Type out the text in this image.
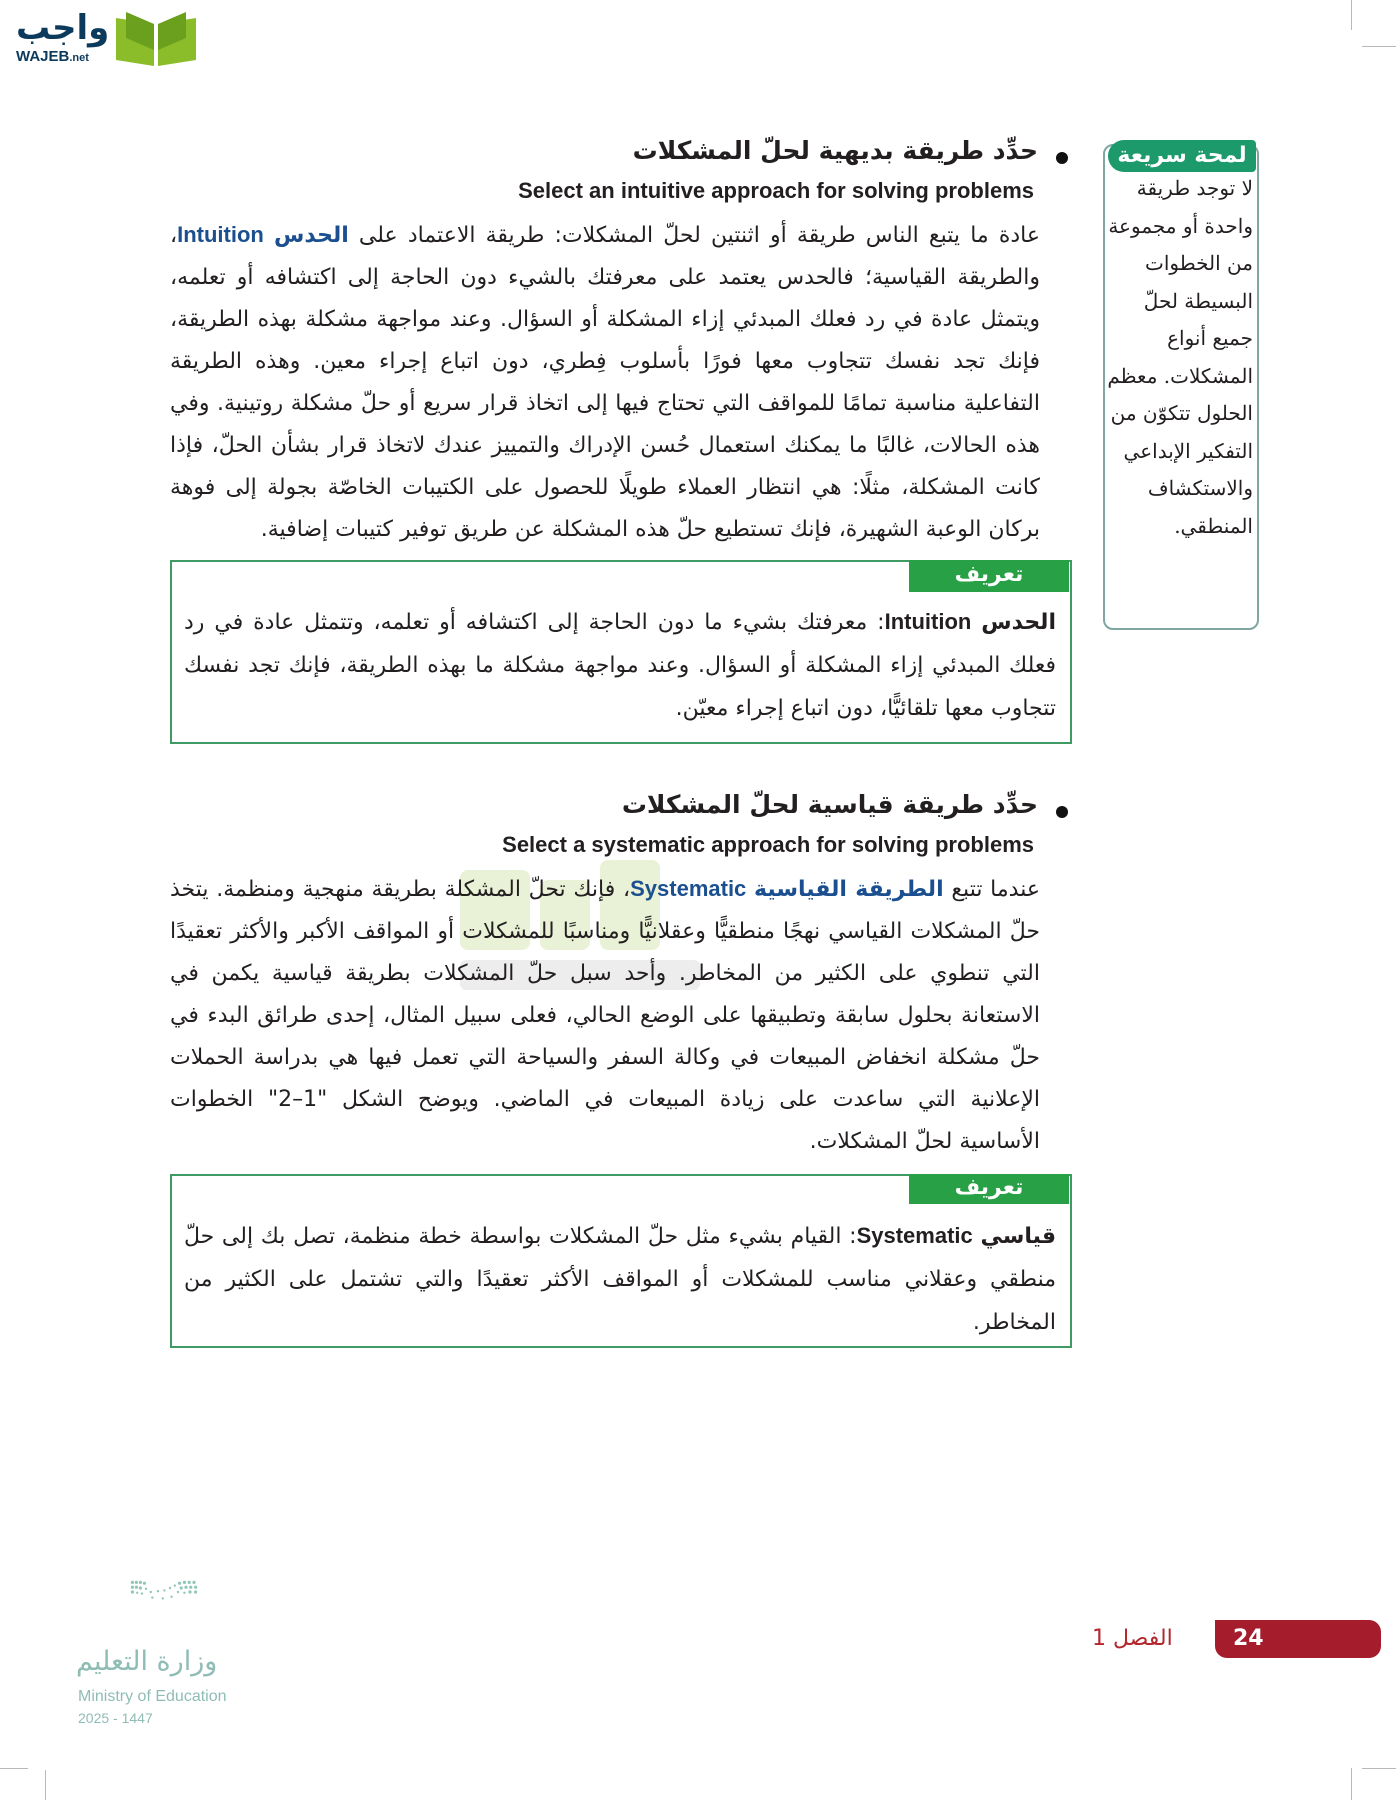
واجب
WAJEB.net
لمحة سريعة
لا توجد طريقة واحدة أو مجموعة من الخطوات البسيطة لحلّ جميع أنواع المشكلات. معظم الحلول تتكوّن من التفكير الإبداعي والاستكشاف المنطقي.
حدِّد طريقة بديهية لحلّ المشكلات
Select an intuitive approach for solving problems
عادة ما يتبع الناس طريقة أو اثنتين لحلّ المشكلات: طريقة الاعتماد على الحدس Intuition، والطريقة القياسية؛ فالحدس يعتمد على معرفتك بالشيء دون الحاجة إلى اكتشافه أو تعلمه، ويتمثل عادة في رد فعلك المبدئي إزاء المشكلة أو السؤال. وعند مواجهة مشكلة بهذه الطريقة، فإنك تجد نفسك تتجاوب معها فورًا بأسلوب فِطري، دون اتباع إجراء معين. وهذه الطريقة التفاعلية مناسبة تمامًا للمواقف التي تحتاج فيها إلى اتخاذ قرار سريع أو حلّ مشكلة روتينية. وفي هذه الحالات، غالبًا ما يمكنك استعمال حُسن الإدراك والتمييز عندك لاتخاذ قرار بشأن الحلّ، فإذا كانت المشكلة، مثلًا: هي انتظار العملاء طويلًا للحصول على الكتيبات الخاصّة بجولة إلى فوهة بركان الوعبة الشهيرة، فإنك تستطيع حلّ هذه المشكلة عن طريق توفير كتيبات إضافية.
تعريف
الحدس Intuition: معرفتك بشيء ما دون الحاجة إلى اكتشافه أو تعلمه، وتتمثل عادة في رد فعلك المبدئي إزاء المشكلة أو السؤال. وعند مواجهة مشكلة ما بهذه الطريقة، فإنك تجد نفسك تتجاوب معها تلقائيًّا، دون اتباع إجراء معيّن.
حدِّد طريقة قياسية لحلّ المشكلات
Select a systematic approach for solving problems
عندما تتبع الطريقة القياسية Systematic، فإنك تحلّ المشكلة بطريقة منهجية ومنظمة. يتخذ حلّ المشكلات القياسي نهجًا منطقيًّا وعقلانيًّا ومناسبًا للمشكلات أو المواقف الأكبر والأكثر تعقيدًا التي تنطوي على الكثير من المخاطر. وأحد سبل حلّ المشكلات بطريقة قياسية يكمن في الاستعانة بحلول سابقة وتطبيقها على الوضع الحالي، فعلى سبيل المثال، إحدى طرائق البدء في حلّ مشكلة انخفاض المبيعات في وكالة السفر والسياحة التي تعمل فيها هي بدراسة الحملات الإعلانية التي ساعدت على زيادة المبيعات في الماضي. ويوضح الشكل "1–2" الخطوات الأساسية لحلّ المشكلات.
تعريف
قياسي Systematic: القيام بشيء مثل حلّ المشكلات بواسطة خطة منظمة، تصل بك إلى حلّ منطقي وعقلاني مناسب للمشكلات أو المواقف الأكثر تعقيدًا والتي تشتمل على الكثير من المخاطر.
الفصل 1	24
وزارة التعليم
Ministry of Education
2025 - 1447
